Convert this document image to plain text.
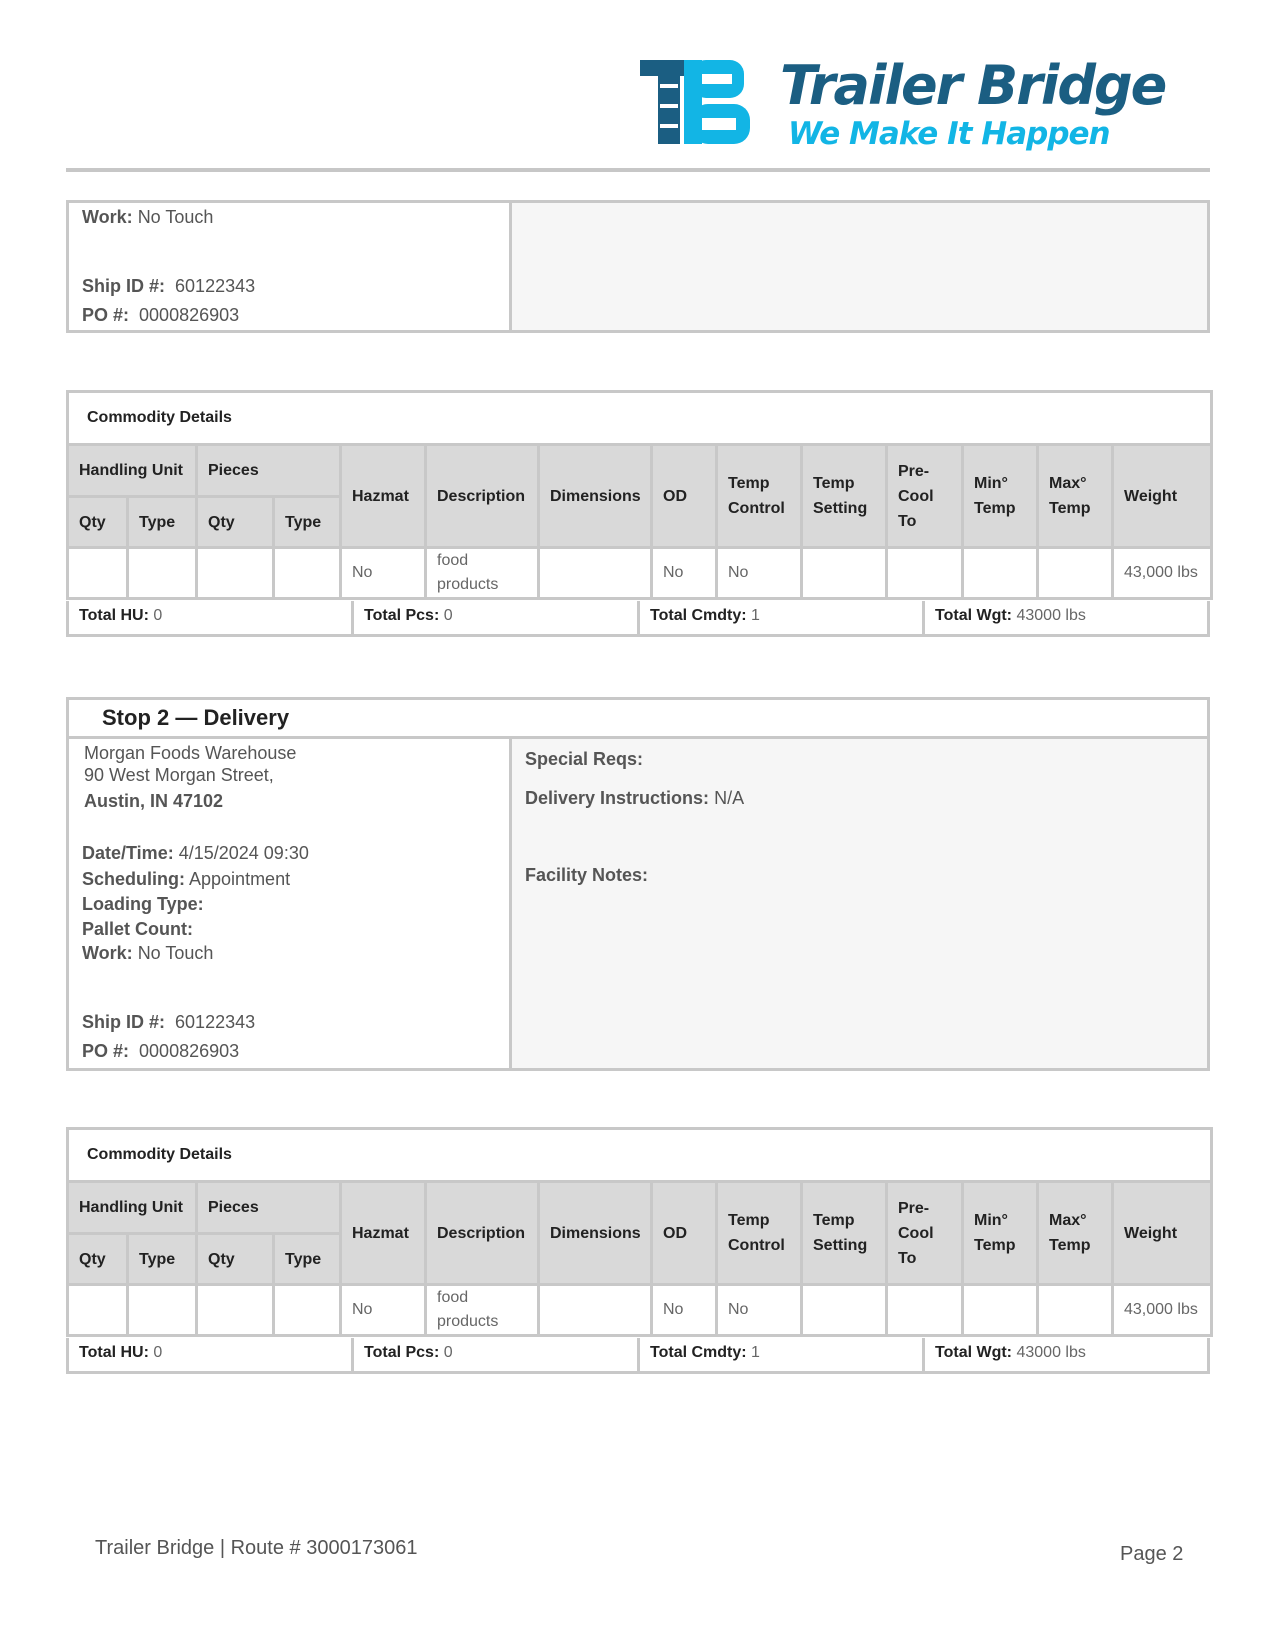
Trailer Bridge
We Make It Happen
Work: No Touch
Ship ID #: 60122343
PO #: 0000826903
Commodity Details													
Handling Unit		Pieces		Hazmat	Description	Dimensions	OD	Temp Control	Temp Setting	Pre-Cool To	Min° Temp	Max° Temp	Weight
Qty	Type	Qty	Type										
				No	food products		No	No					43,000 lbs
Total HU: 0	Total Pcs: 0	Total Cmdty: 1	Total Wgt: 43000 lbs
Stop 2 — Delivery
Morgan Foods Warehouse
90 West Morgan Street,
Austin, IN 47102
Date/Time: 4/15/2024 09:30
Scheduling: Appointment
Loading Type:
Pallet Count:
Work: No Touch
Ship ID #: 60122343
PO #: 0000826903
Special Reqs:
Delivery Instructions: N/A
Facility Notes:
Commodity Details													
Handling Unit		Pieces		Hazmat	Description	Dimensions	OD	Temp Control	Temp Setting	Pre-Cool To	Min° Temp	Max° Temp	Weight
Qty	Type	Qty	Type										
				No	food products		No	No					43,000 lbs
Total HU: 0	Total Pcs: 0	Total Cmdty: 1	Total Wgt: 43000 lbs
Trailer Bridge | Route # 3000173061	Page 2
